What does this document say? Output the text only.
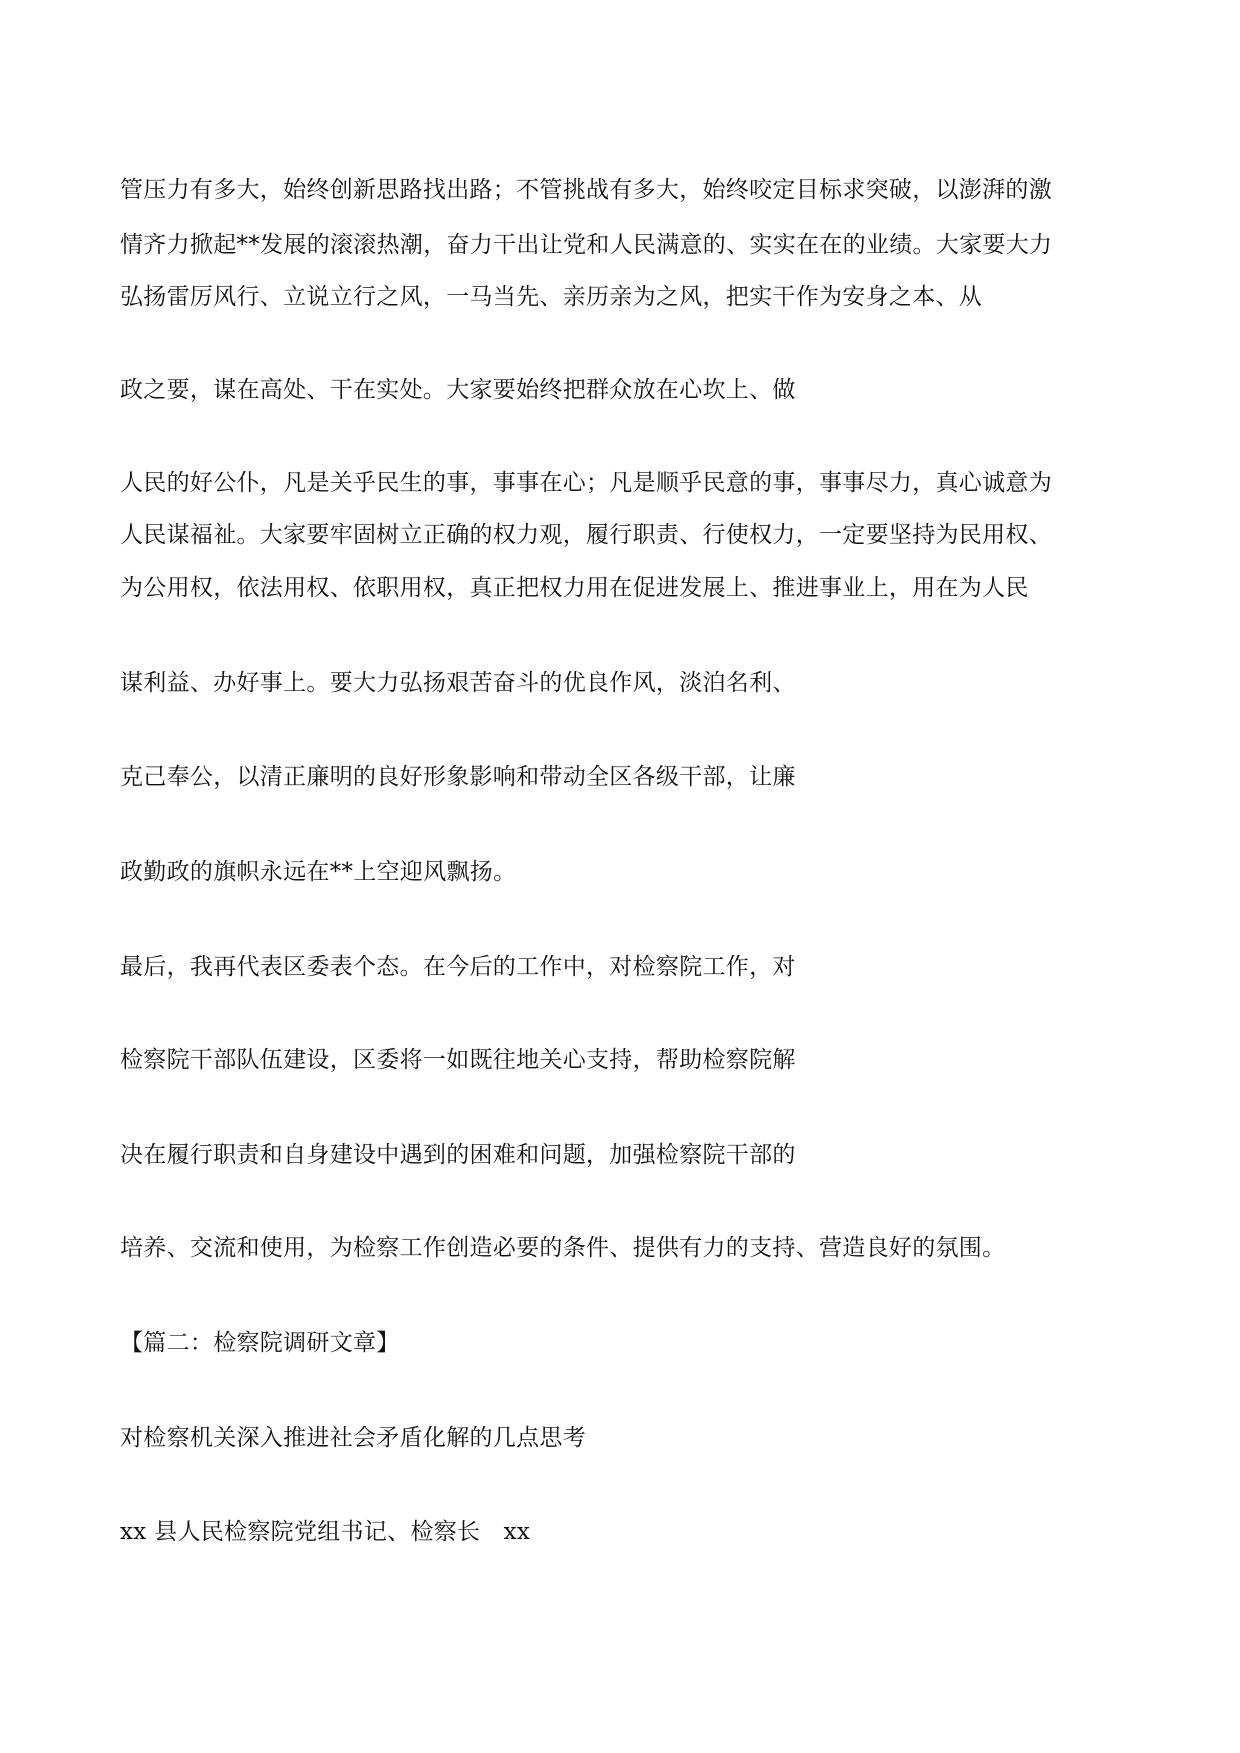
管压力有多大，始终创新思路找出路；不管挑战有多大，始终咬定目标求突破，以澎湃的激
情齐力掀起**发展的滚滚热潮，奋力干出让党和人民满意的、实实在在的业绩。大家要大力
弘扬雷厉风行、立说立行之风，一马当先、亲历亲为之风，把实干作为安身之本、从
政之要，谋在高处、干在实处。大家要始终把群众放在心坎上、做
人民的好公仆，凡是关乎民生的事，事事在心；凡是顺乎民意的事，事事尽力，真心诚意为
人民谋福祉。大家要牢固树立正确的权力观，履行职责、行使权力，一定要坚持为民用权、
为公用权，依法用权、依职用权，真正把权力用在促进发展上、推进事业上，用在为人民
谋利益、办好事上。要大力弘扬艰苦奋斗的优良作风，淡泊名利、
克己奉公，以清正廉明的良好形象影响和带动全区各级干部，让廉
政勤政的旗帜永远在**上空迎风飘扬。
最后，我再代表区委表个态。在今后的工作中，对检察院工作，对
检察院干部队伍建设，区委将一如既往地关心支持，帮助检察院解
决在履行职责和自身建设中遇到的困难和问题，加强检察院干部的
培养、交流和使用，为检察工作创造必要的条件、提供有力的支持、营造良好的氛围。
【篇二：检察院调研文章】
对检察机关深入推进社会矛盾化解的几点思考
xx 县人民检察院党组书记、检察长　xx
